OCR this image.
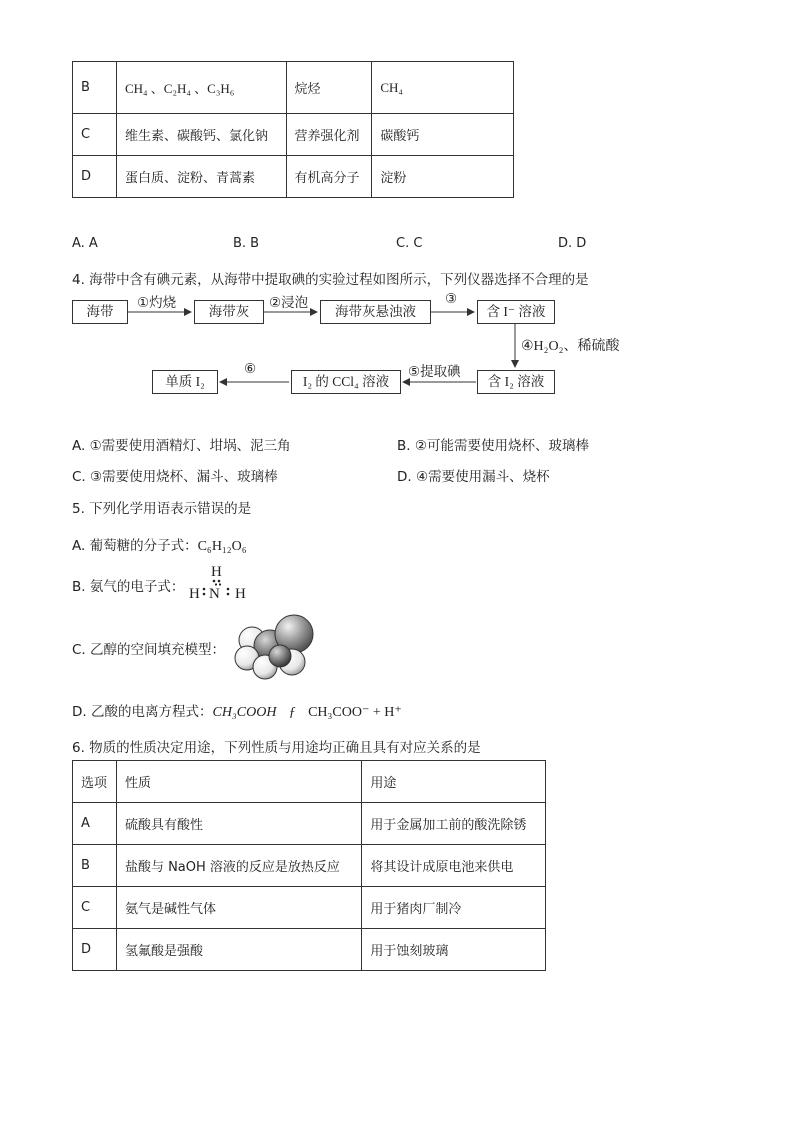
B	CH₄ 、C₂H₄ 、C₃H₆	烷烃	CH₄
C	维生素、碳酸钙、氯化钠	营养强化剂	碳酸钙
D	蛋白质、淀粉、青蒿素	有机高分子	淀粉
A. A	B. B	C. C	D. D
4. 海带中含有碘元素，从海带中提取碘的实验过程如图所示，下列仪器选择不合理的是
海带	海带灰	海带灰悬浊液	含 I⁻ 溶液
含 I₂ 溶液
I₂ 的 CCl₄ 溶液
单质 I₂
①灼烧	②浸泡	③
④H₂O₂、稀硫酸
⑤提取碘
⑥
A. ①需要使用酒精灯、坩埚、泥三角	B. ②可能需要使用烧杯、玻璃棒
C. ③需要使用烧杯、漏斗、玻璃棒	D. ④需要使用漏斗、烧杯
5. 下列化学用语表示错误的是
A. 葡萄糖的分子式：C₆H₁₂O₆
B. 氨气的电子式：
H
H N H
C. 乙醇的空间填充模型：
D. 乙酸的电离方程式：CH₃COOH ƒ CH₃COO⁻ + H⁺
6. 物质的性质决定用途，下列性质与用途均正确且具有对应关系的是
选项	性质	用途
A	硫酸具有酸性	用于金属加工前的酸洗除锈
B	盐酸与 NaOH 溶液的反应是放热反应	将其设计成原电池来供电
C	氨气是碱性气体	用于猪肉厂制冷
D	氢氟酸是强酸	用于蚀刻玻璃
